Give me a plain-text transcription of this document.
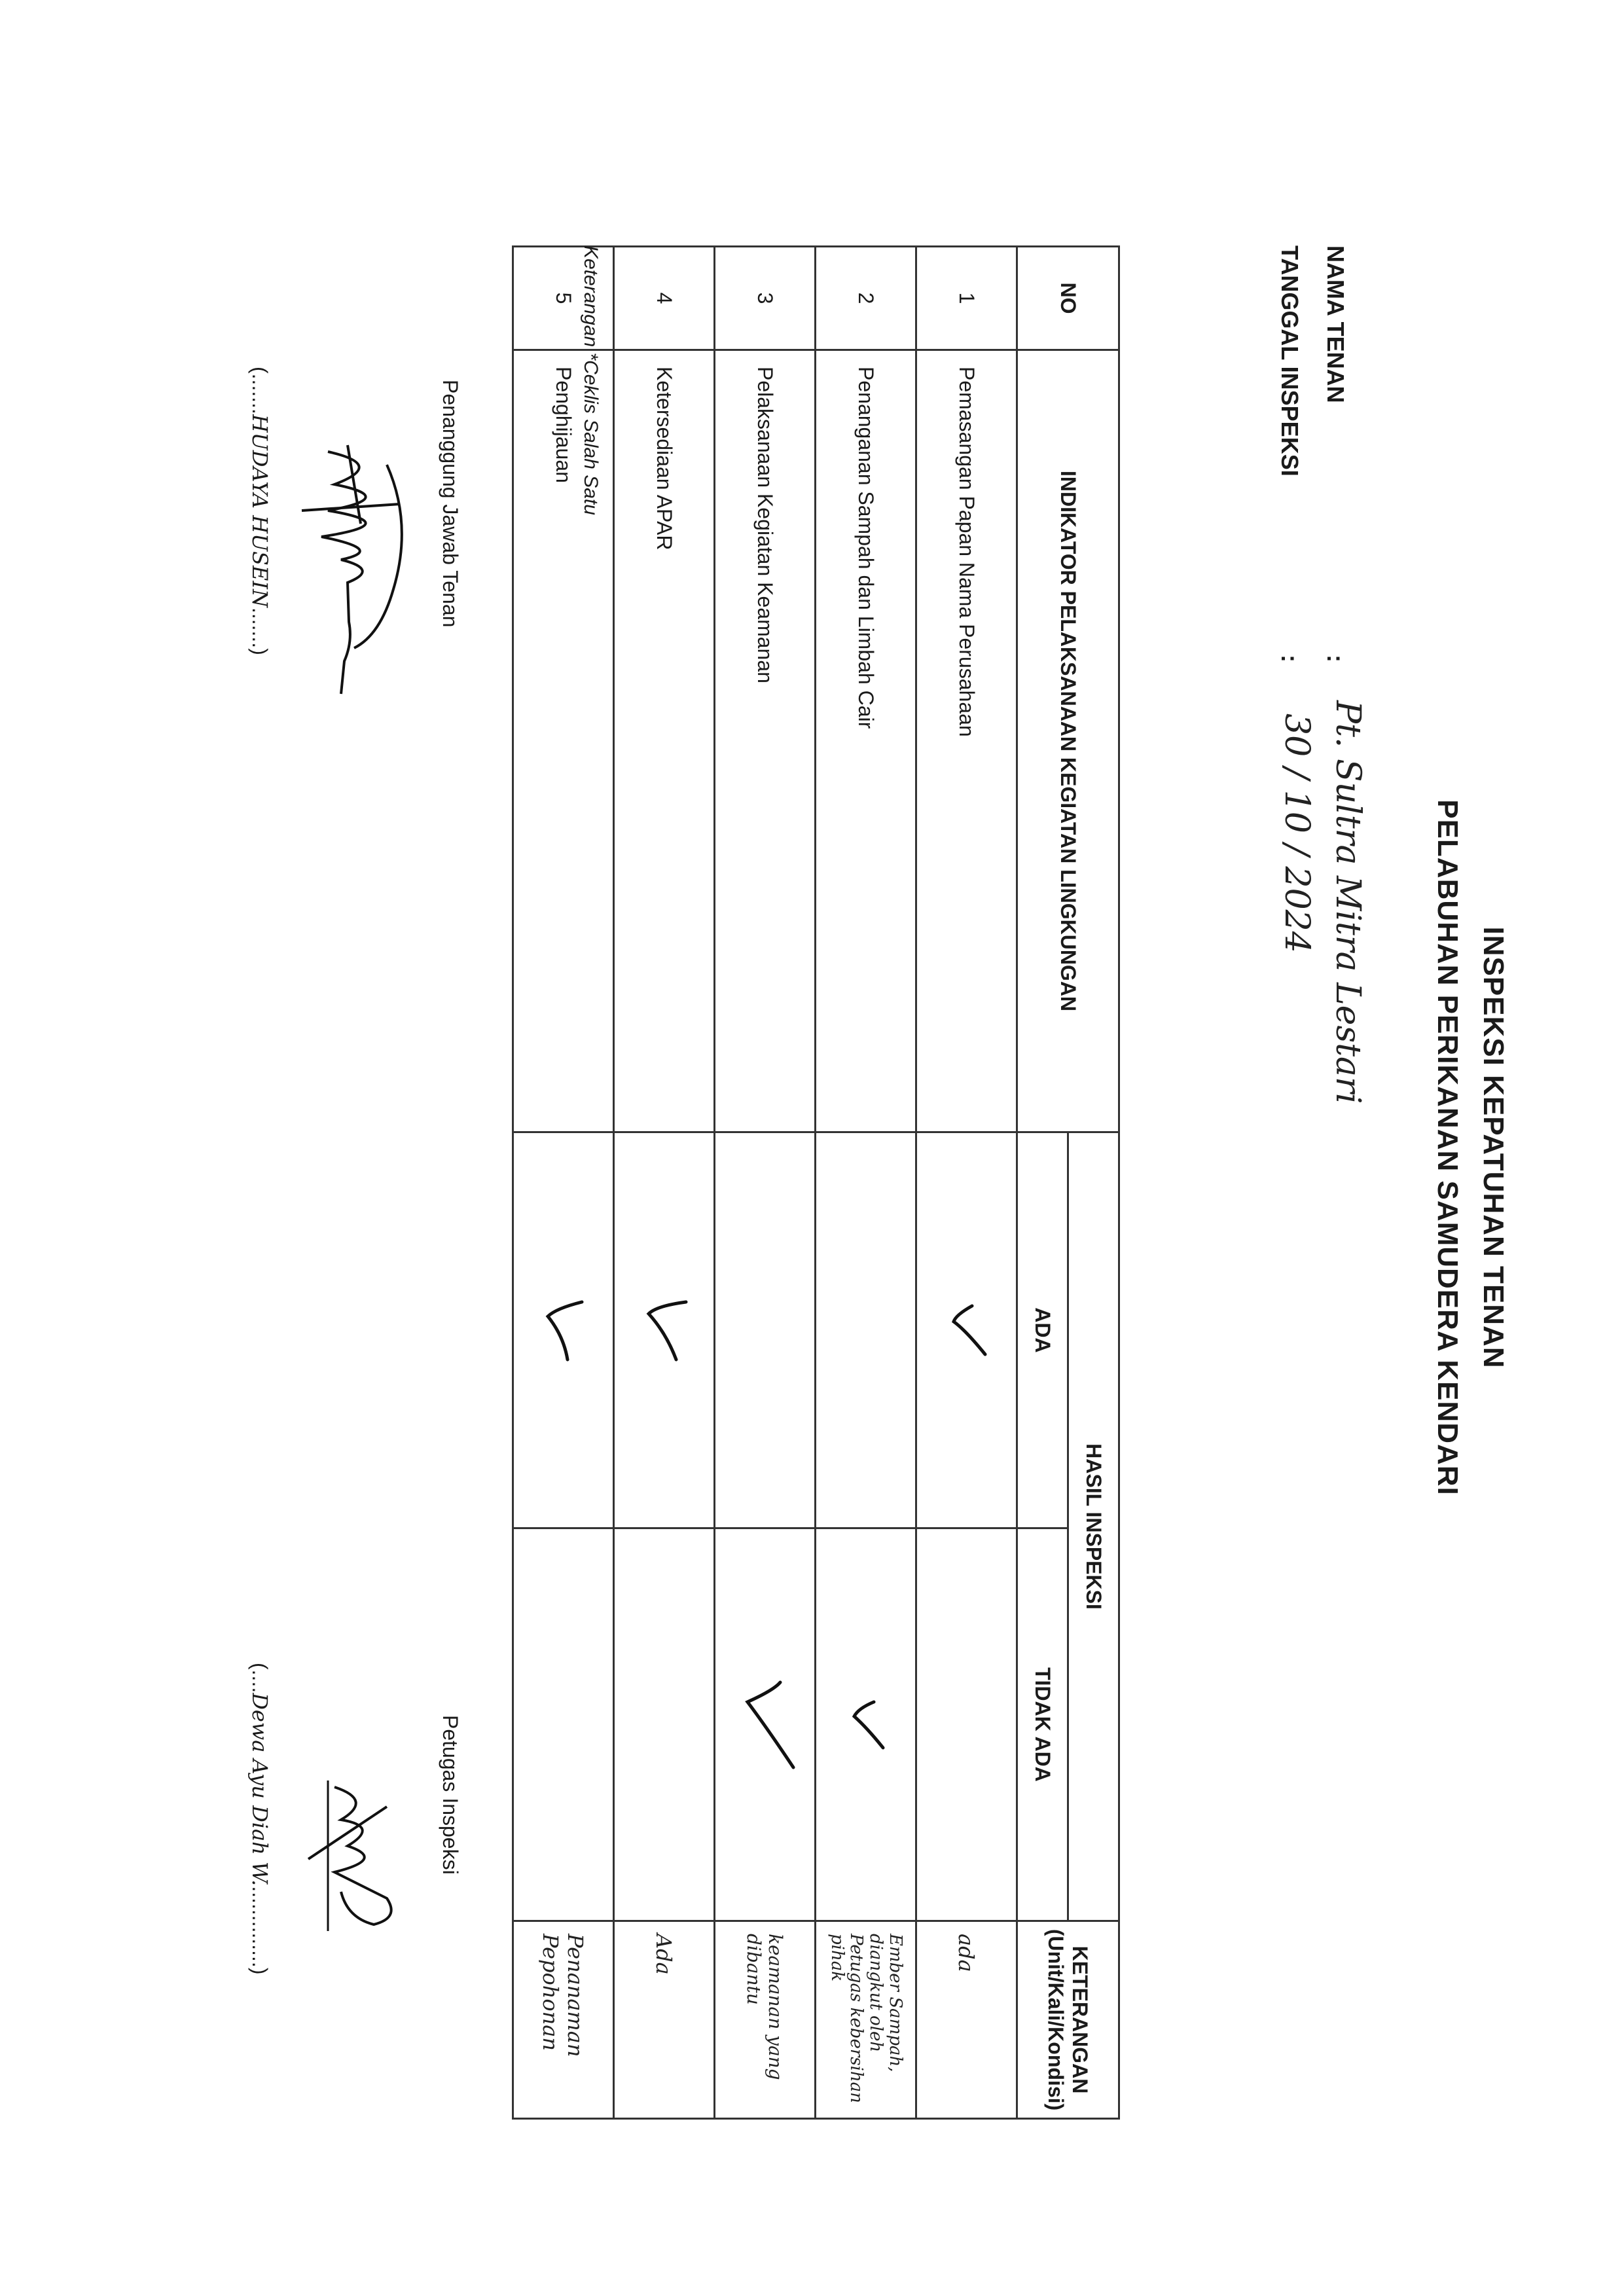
INSPEKSI KEPATUHAN TENAN
PELABUHAN PERIKANAN SAMUDERA KENDARI
NAMA TENAN
:
Pt. Sultra Mitra Lestari
TANGGAL INSPEKSI
:
30 / 10 / 2024
NO	INDIKATOR PELAKSANAAN KEGIATAN LINGKUNGAN	HASIL INSPEKSI		KETERANGAN
(Unit/Kali/Kondisi)

		ADA	TIDAK ADA	
1	Pemasangan Papan Nama Perusahaan			ada
2	Penanganan Sampah dan Limbah Cair			Ember Sampah, diangkut oleh Petugas kebersihan pihak
3	Pelaksanaan Kegiatan Keamanan			keamanan yang dibantu
4	Ketersediaan APAR			Ada
5	Penghijauan			Penanaman Pepohonan
Keterangan *Ceklis Salah Satu
Penanggung Jawab Tenan
(.......HUDAYA HUSEIN.......)
Petugas Inspeksi
(....Dewa Ayu Diah W...............)
